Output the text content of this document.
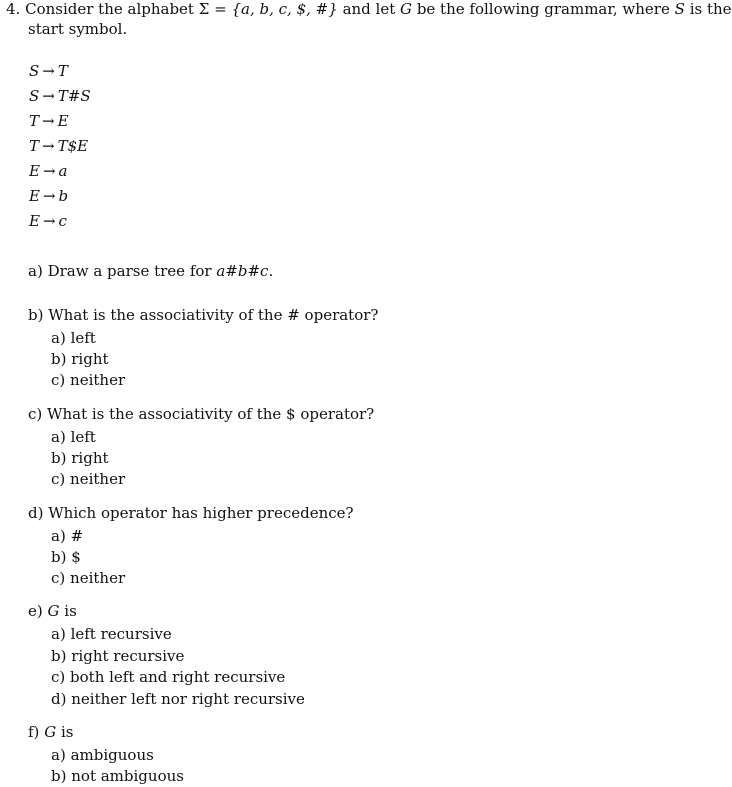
4. Consider the alphabet Σ = {a, b, c, $, #} and let G be the following grammar, where S is the
start symbol.
S → T
S → T#S
T → E
T → T$E
E → a
E → b
E → c
a) Draw a parse tree for a#b#c.
b) What is the associativity of the # operator?
a) left
b) right
c) neither
c) What is the associativity of the $ operator?
a) left
b) right
c) neither
d) Which operator has higher precedence?
a) #
b) $
c) neither
e) G is
a) left recursive
b) right recursive
c) both left and right recursive
d) neither left nor right recursive
f) G is
a) ambiguous
b) not ambiguous
